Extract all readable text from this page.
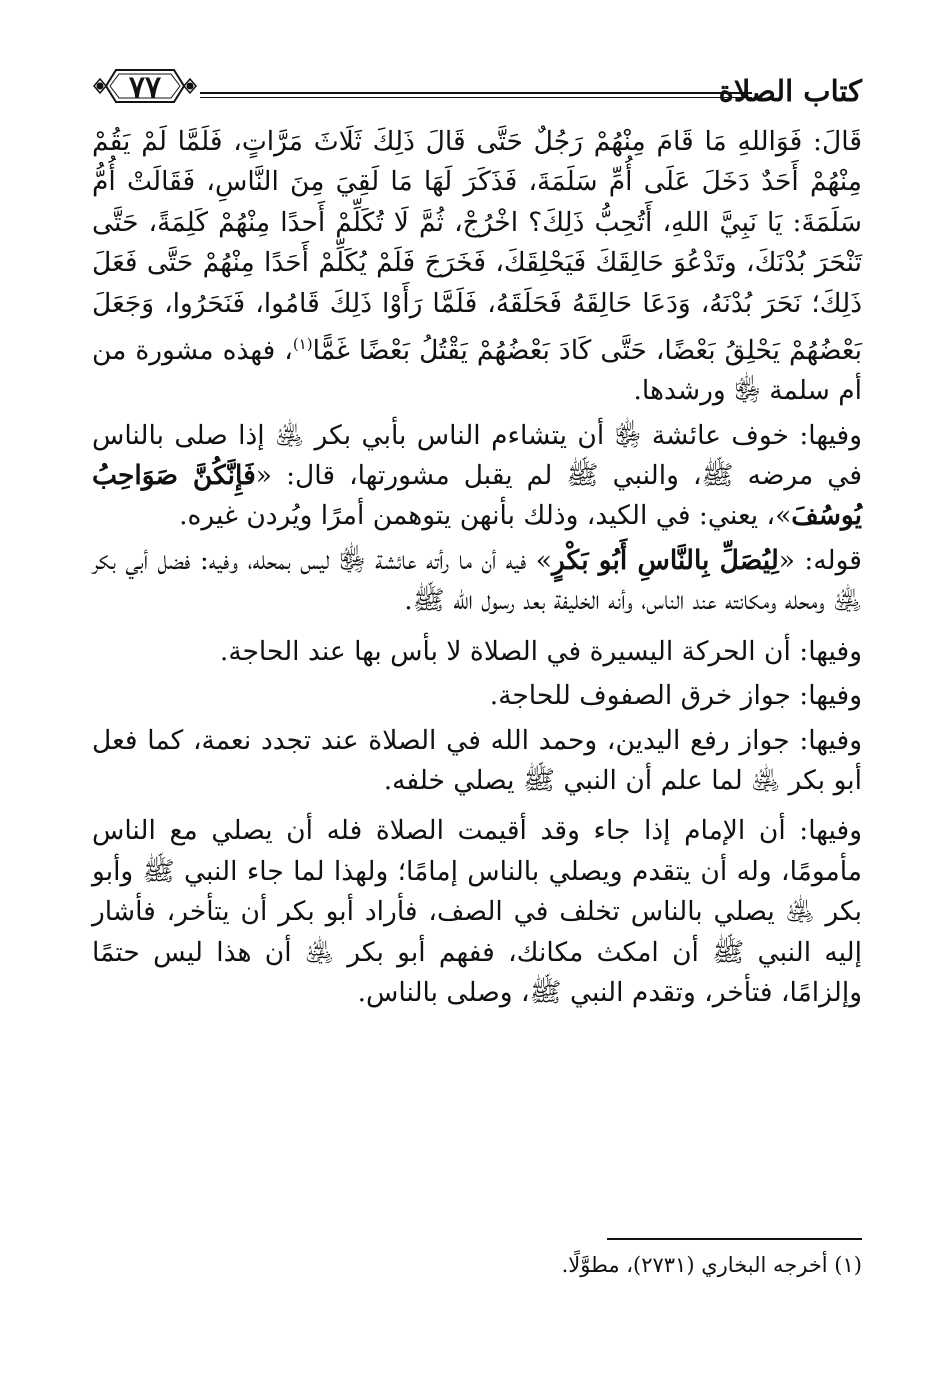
٧٧	كتاب الصلاة

قَالَ: فَوَاللهِ مَا قَامَ مِنْهُمْ رَجُلٌ حَتَّى قَالَ ذَلِكَ ثَلَاثَ مَرَّاتٍ، فَلَمَّا لَمْ يَقُمْ مِنْهُمْ أَحَدٌ دَخَلَ عَلَى أُمِّ سَلَمَةَ، فَذَكَرَ لَهَا مَا لَقِيَ مِنَ النَّاسِ، فَقَالَتْ أُمُّ سَلَمَةَ: يَا نَبِيَّ اللهِ، أَتُحِبُّ ذَلِكَ؟ اخْرُجْ، ثُمَّ لَا تُكَلِّمْ أَحدًا مِنْهُمْ كَلِمَةً، حَتَّى تَنْحَرَ بُدْنَكَ، وتَدْعُوَ حَالِقَكَ فَيَحْلِقَكَ، فَخَرَجَ فَلَمْ يُكَلِّمْ أَحَدًا مِنْهُمْ حَتَّى فَعَلَ ذَلِكَ؛ نَحَرَ بُدْنَهُ، وَدَعَا حَالِقَهُ فَحَلَقَهُ، فَلَمَّا رَأَوْا ذَلِكَ قَامُوا، فَنَحَرُوا، وَجَعَلَ بَعْضُهُمْ يَحْلِقُ بَعْضًا، حَتَّى كَادَ بَعْضُهُمْ يَقْتُلُ بَعْضًا غَمًّا$^{(١)}$، فهذه مشورة من أم سلمة ﵂ ورشدها.

وفيها: خوف عائشة ﵂ أن يتشاءم الناس بأبي بكر ﵁ إذا صلى بالناس في مرضه ﷺ، والنبي ﷺ لم يقبل مشورتها، قال: «فَإِنَّكُنَّ صَوَاحِبُ يُوسُفَ»، يعني: في الكيد، وذلك بأنهن يتوهمن أمرًا ويُردن غيره.

قوله: «لِيُصَلِّ بِالنَّاسِ أَبُو بَكْرٍ» فيه أن ما رأته عائشة ﵂ ليس بمحله، وفيه: فضل أبي بكر ﵁ ومحله ومكانته عند الناس، وأنه الخليفة بعد رسول الله ﷺ.

وفيها: أن الحركة اليسيرة في الصلاة لا بأس بها عند الحاجة.

وفيها: جواز خرق الصفوف للحاجة.

وفيها: جواز رفع اليدين، وحمد الله في الصلاة عند تجدد نعمة، كما فعل أبو بكر ﵁ لما علم أن النبي ﷺ يصلي خلفه.

وفيها: أن الإمام إذا جاء وقد أقيمت الصلاة فله أن يصلي مع الناس مأمومًا، وله أن يتقدم ويصلي بالناس إمامًا؛ ولهذا لما جاء النبي ﷺ وأبو بكر ﵁ يصلي بالناس تخلف في الصف، فأراد أبو بكر أن يتأخر، فأشار إليه النبي ﷺ أن امكث مكانك، ففهم أبو بكر ﵁ أن هذا ليس حتمًا وإلزامًا، فتأخر، وتقدم النبي ﷺ، وصلى بالناس.

(١) أخرجه البخاري (٢٧٣١)، مطوَّلًا.
